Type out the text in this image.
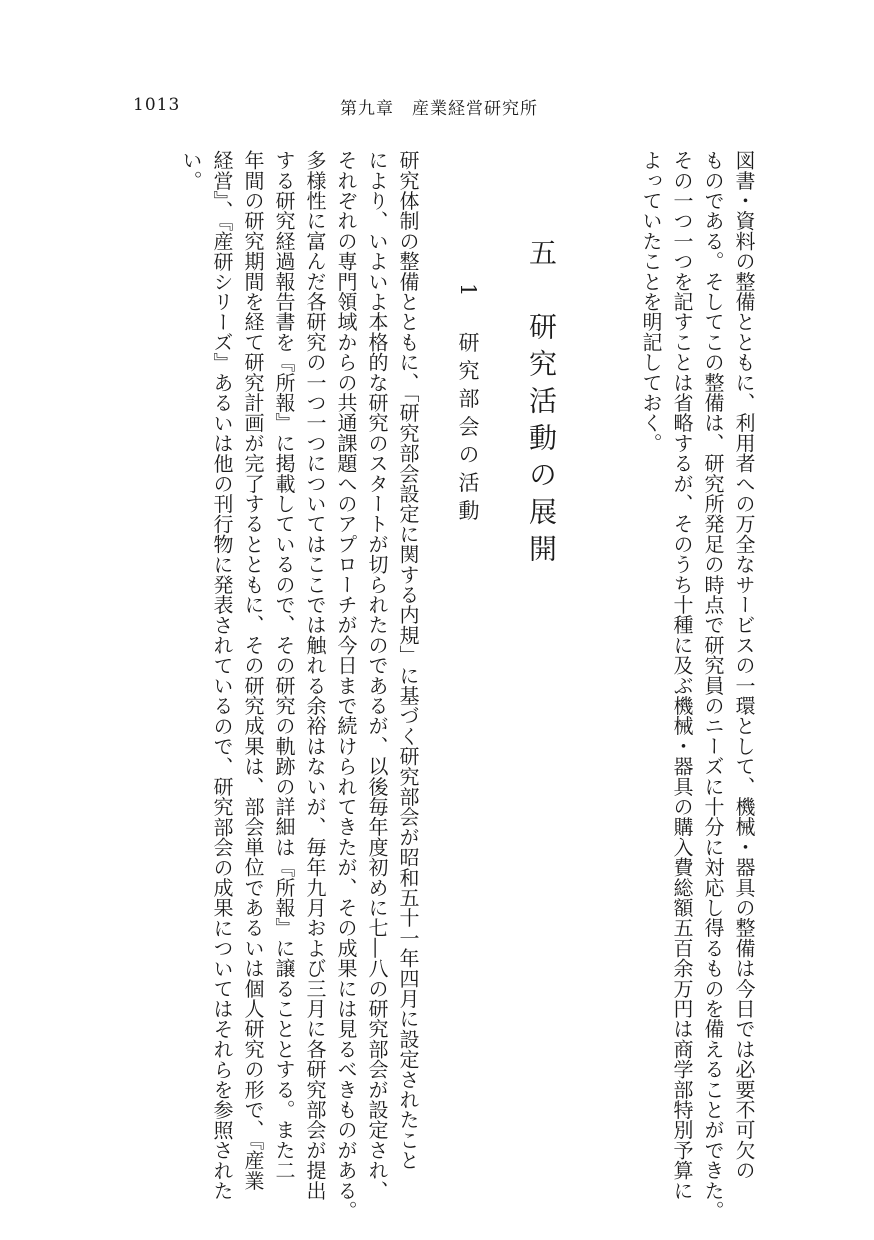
1013	第九章　産業経営研究所
図書・資料の整備とともに、利用者への万全なサービスの一環として、機械・器具の整備は今日では必要不可欠の
ものである。そしてこの整備は、研究所発足の時点で研究員のニーズに十分に対応し得るものを備えることができた。
その一つ一つを記すことは省略するが、そのうち十種に及ぶ機械・器具の購入費総額五百余万円は商学部特別予算に
よっていたことを明記しておく。
五　研究活動の展開
1　研究部会の活動
研究体制の整備とともに、「研究部会設定に関する内規」に基づく研究部会が昭和五十一年四月に設定されたこと
により、いよいよ本格的な研究のスタートが切られたのであるが、以後毎年度初めに七―八の研究部会が設定され、
それぞれの専門領域からの共通課題へのアプローチが今日まで続けられてきたが、その成果には見るべきものがある。
多様性に富んだ各研究の一つ一つについてはここでは触れる余裕はないが、毎年九月および三月に各研究部会が提出
する研究経過報告書を『所報』に掲載しているので、その研究の軌跡の詳細は『所報』に譲ることとする。また二
年間の研究期間を経て研究計画が完了するとともに、その研究成果は、部会単位であるいは個人研究の形で、『産業
経営』、『産研シリーズ』あるいは他の刊行物に発表されているので、研究部会の成果についてはそれらを参照された
い。
